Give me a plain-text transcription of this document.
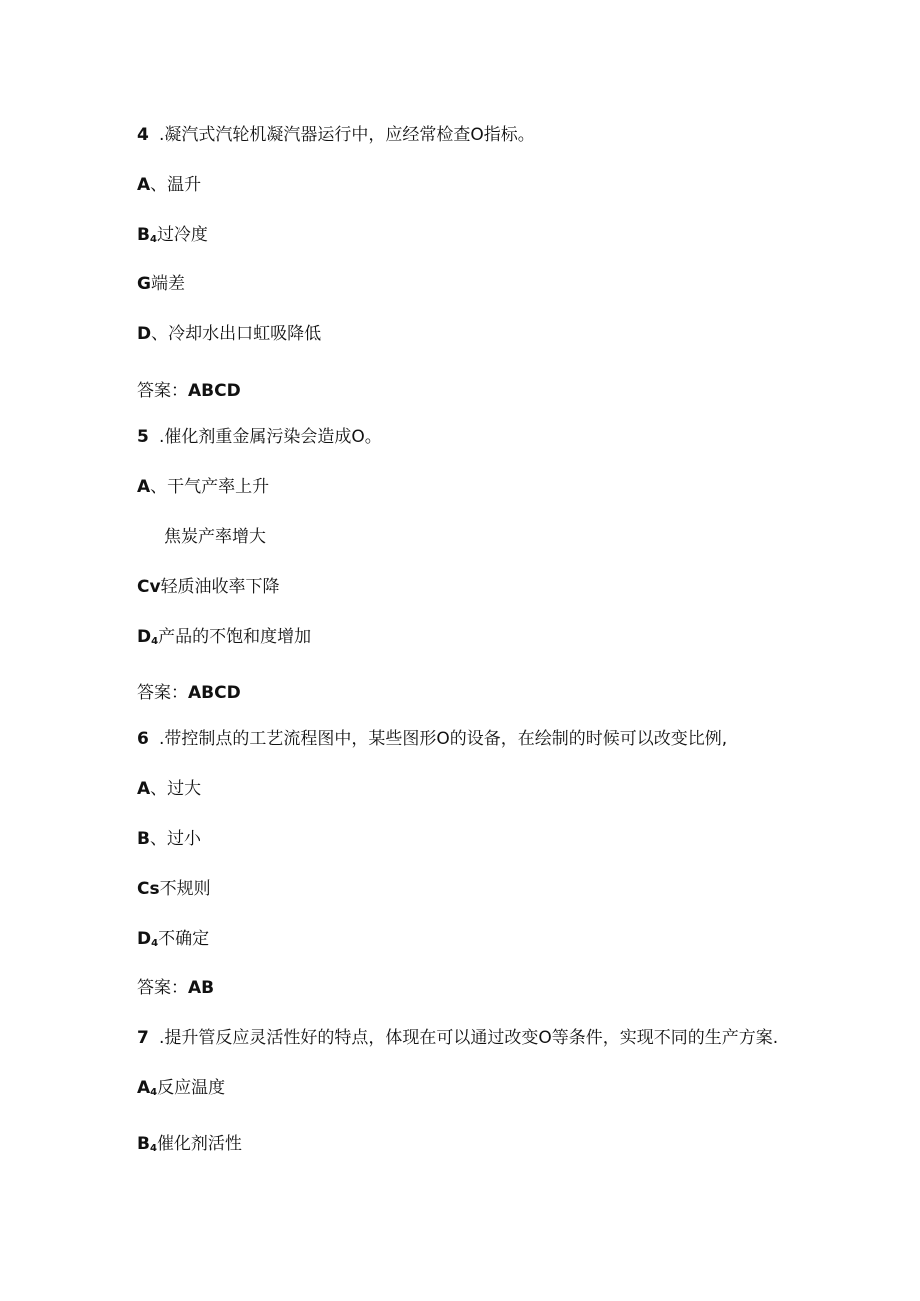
4 .凝汽式汽轮机凝汽器运行中，应经常检查O指标。
A、温升
$B_4$过冷度
G端差
D、冷却水出口虹吸降低
答案：ABCD
5 .催化剂重金属污染会造成O。
A、干气产率上升
焦炭产率增大
Cv轻质油收率下降
$D_4$产品的不饱和度增加
答案：ABCD
6 .带控制点的工艺流程图中，某些图形O的设备，在绘制的时候可以改变比例,
A、过大
B、过小
Cs不规则
$D_4$不确定
答案：AB
7 .提升管反应灵活性好的特点，体现在可以通过改变O等条件，实现不同的生产方案.
$A_4$反应温度
$B_4$催化剂活性
